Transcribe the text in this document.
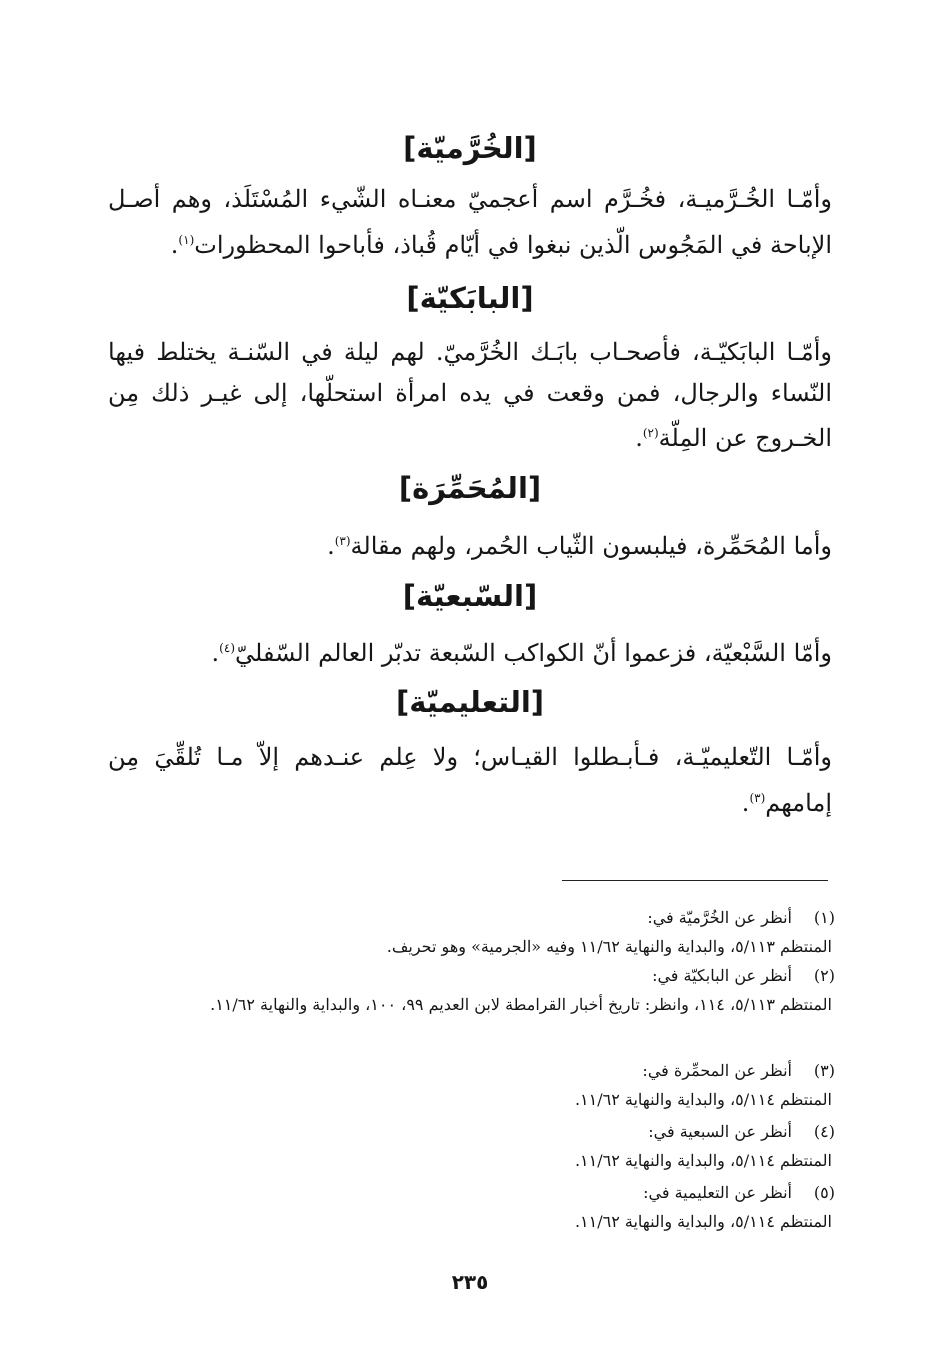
[الخُرَّميّة]
وأمّـا الخُـرَّميـة، فخُـرَّم اسم أعجميّ معنـاه الشّيء المُسْتَلَذ، وهم أصـل الإباحة في المَجُوس الّذين نبغوا في أيّام قُباذ، فأباحوا المحظورات$^{(١)}$.
[البابَكيّة]
وأمّـا البابَكيّـة، فأصحـاب بابَـك الخُرَّميّ. لهم ليلة في السّنـة يختلط فيها النّساء والرجال، فمن وقعت في يده امرأة استحلّها، إلى غيـر ذلك مِن الخـروج عن المِلّة$^{(٢)}$.
[المُحَمِّرَة]
وأما المُحَمِّرة، فيلبسون الثّياب الحُمر، ولهم مقالة$^{(٣)}$.
[السّبعيّة]
وأمّا السَّبْعيّة، فزعموا أنّ الكواكب السّبعة تدبّر العالم السّفليّ$^{(٤)}$.
[التعليميّة]
وأمّـا التّعليميّـة، فـأبـطلوا القيـاس؛ ولا عِلم عنـدهم إلاّ مـا تُلقِّيَ مِن إمامهم$^{(٣)}$.
(١)
أنظر عن الخُرَّميّة في:
المنتظم ٥/١١٣، والبداية والنهاية ١١/٦٢ وفيه «الجرمية» وهو تحريف.
(٢)
أنظر عن البابكيّة في:
المنتظم ٥/١١٣، ١١٤، وانظر: تاريخ أخبار القرامطة لابن العديم ٩٩، ١٠٠، والبداية والنهاية ١١/٦٢.
(٣)
أنظر عن المحمِّرة في:
المنتظم ٥/١١٤، والبداية والنهاية ١١/٦٢.
(٤)
أنظر عن السبعية في:
المنتظم ٥/١١٤، والبداية والنهاية ١١/٦٢.
(٥)
أنظر عن التعليمية في:
المنتظم ٥/١١٤، والبداية والنهاية ١١/٦٢.
٢٣٥
